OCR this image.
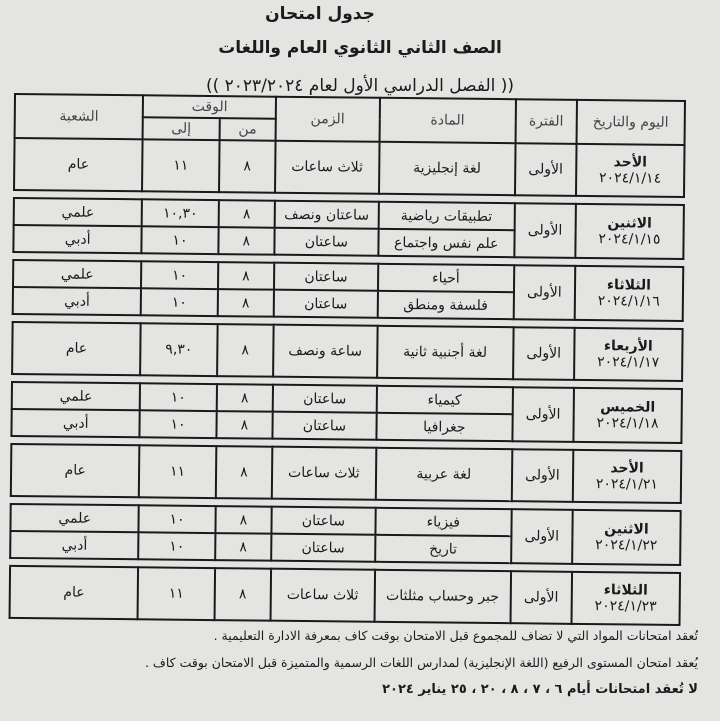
جدول امتحان
الصف الثاني الثانوي العام واللغات
(( الفصل الدراسي الأول لعام ٢٠٢٣/٢٠٢٤ ))
اليوم والتاريخ	الفترة	المادة	الزمن	الوقت		الشعبة
				من	إلى	

الأحد
٢٠٢٤/١/١٤	الأولى	لغة إنجليزية	ثلاث ساعات	٨	١١	عام

الاثنين
٢٠٢٤/١/١٥	الأولى	تطبيقات رياضية	ساعتان ونصف	٨	١٠,٣٠	علمي
		علم نفس واجتماع	ساعتان	٨	١٠	أدبي

الثلاثاء
٢٠٢٤/١/١٦	الأولى	أحياء	ساعتان	٨	١٠	علمي
		فلسفة ومنطق	ساعتان	٨	١٠	أدبي

الأربعاء
٢٠٢٤/١/١٧	الأولى	لغة أجنبية ثانية	ساعة ونصف	٨	٩,٣٠	عام

الخميس
٢٠٢٤/١/١٨	الأولى	كيمياء	ساعتان	٨	١٠	علمي
		جغرافيا	ساعتان	٨	١٠	أدبي

الأحد
٢٠٢٤/١/٢١	الأولى	لغة عربية	ثلاث ساعات	٨	١١	عام

الاثنين
٢٠٢٤/١/٢٢	الأولى	فيزياء	ساعتان	٨	١٠	علمي
		تاريخ	ساعتان	٨	١٠	أدبي

الثلاثاء
٢٠٢٤/١/٢٣	الأولى	جبر وحساب مثلثات	ثلاث ساعات	٨	١١	عام
تُعقد امتحانات المواد التي لا تضاف للمجموع قبل الامتحان بوقت كاف بمعرفة الادارة التعليمية .
يُعقد امتحان المستوى الرفيع (اللغة الإنجليزية) لمدارس اللغات الرسمية والمتميزة قبل الامتحان بوقت كاف .
لا تُعقد امتحانات أيام ٦ ، ٧ ، ٨ ، ٢٠ ، ٢٥ يناير ٢٠٢٤
